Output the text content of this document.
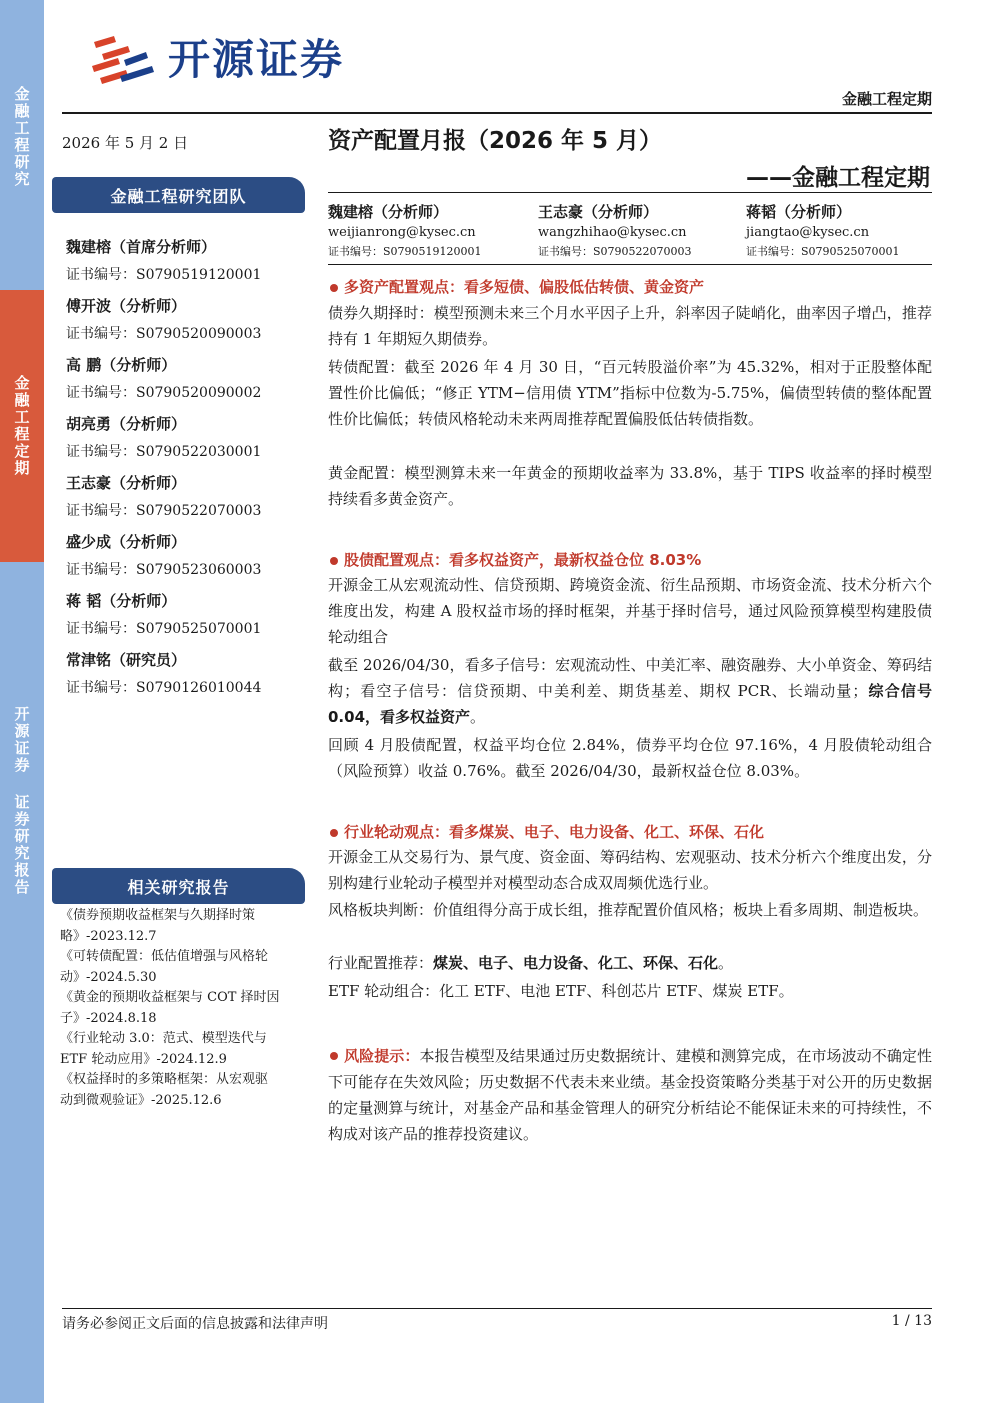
金融工程研究
金融工程定期
开源证券 证券研究报告
开源证券
金融工程定期
2026 年 5 月 2 日
金融工程研究团队
魏建榕（首席分析师）
证书编号：S0790519120001
傅开波（分析师）
证书编号：S0790520090003
高 鹏（分析师）
证书编号：S0790520090002
胡亮勇（分析师）
证书编号：S0790522030001
王志豪（分析师）
证书编号：S0790522070003
盛少成（分析师）
证书编号：S0790523060003
蒋 韬（分析师）
证书编号：S0790525070001
常津铭（研究员）
证书编号：S0790126010044
相关研究报告
《债券预期收益框架与久期择时策
略》-2023.12.7
《可转债配置：低估值增强与风格轮
动》-2024.5.30
《黄金的预期收益框架与 COT 择时因
子》-2024.8.18
《行业轮动 3.0：范式、模型迭代与
ETF 轮动应用》-2024.12.9
《权益择时的多策略框架：从宏观驱
动到微观验证》-2025.12.6
资产配置月报（2026 年 5 月）
——金融工程定期
魏建榕（分析师）
weijianrong@kysec.cn
证书编号：S0790519120001
王志豪（分析师）
wangzhihao@kysec.cn
证书编号：S0790522070003
蒋韬（分析师）
jiangtao@kysec.cn
证书编号：S0790525070001
多资产配置观点：看多短债、偏股低估转债、黄金资产
债券久期择时：模型预测未来三个月水平因子上升，斜率因子陡峭化，曲率因子增凸，推荐持有 1 年期短久期债券。
转债配置：截至 2026 年 4 月 30 日，“百元转股溢价率”为 45.32%，相对于正股整体配置性价比偏低；“修正 YTM−信用债 YTM”指标中位数为-5.75%，偏债型转债的整体配置性价比偏低；转债风格轮动未来两周推荐配置偏股低估转债指数。
黄金配置：模型测算未来一年黄金的预期收益率为 33.8%，基于 TIPS 收益率的择时模型持续看多黄金资产。
股债配置观点：看多权益资产，最新权益仓位 8.03%
开源金工从宏观流动性、信贷预期、跨境资金流、衍生品预期、市场资金流、技术分析六个维度出发，构建 A 股权益市场的择时框架，并基于择时信号，通过风险预算模型构建股债轮动组合
截至 2026/04/30，看多子信号：宏观流动性、中美汇率、融资融券、大小单资金、筹码结构；看空子信号：信贷预期、中美利差、期货基差、期权 PCR、长端动量；综合信号 0.04，看多权益资产。
回顾 4 月股债配置，权益平均仓位 2.84%，债券平均仓位 97.16%，4 月股债轮动组合（风险预算）收益 0.76%。截至 2026/04/30，最新权益仓位 8.03%。
行业轮动观点：看多煤炭、电子、电力设备、化工、环保、石化
开源金工从交易行为、景气度、资金面、筹码结构、宏观驱动、技术分析六个维度出发，分别构建行业轮动子模型并对模型动态合成双周频优选行业。
风格板块判断：价值组得分高于成长组，推荐配置价值风格；板块上看多周期、制造板块。
行业配置推荐：煤炭、电子、电力设备、化工、环保、石化。
ETF 轮动组合：化工 ETF、电池 ETF、科创芯片 ETF、煤炭 ETF。
风险提示：本报告模型及结果通过历史数据统计、建模和测算完成，在市场波动不确定性下可能存在失效风险；历史数据不代表未来业绩。基金投资策略分类基于对公开的历史数据的定量测算与统计，对基金产品和基金管理人的研究分析结论不能保证未来的可持续性，不构成对该产品的推荐投资建议。
请务必参阅正文后面的信息披露和法律声明	1 / 13
